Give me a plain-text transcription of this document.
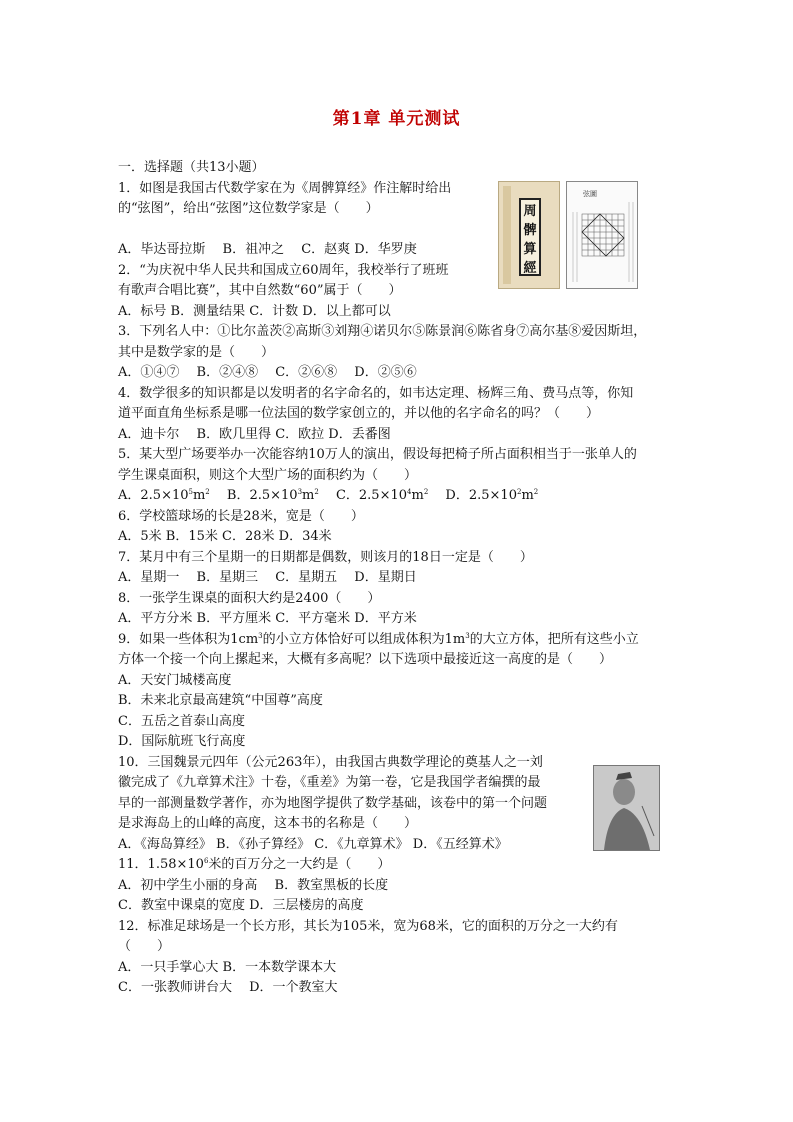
第1章 单元测试
一．选择题（共13小题）
1．如图是我国古代数学家在为《周髀算经》作注解时给出
的“弦图”，给出“弦图”这位数学家是（　　）
A．毕达哥拉斯　 B．祖冲之　 C．赵爽 D．华罗庚
2．“为庆祝中华人民共和国成立60周年，我校举行了班班
有歌声合唱比赛”，其中自然数“60”属于（　　）
A．标号 B．测量结果 C．计数 D．以上都可以
3．下列名人中：①比尔盖茨②高斯③刘翔④诺贝尔⑤陈景润⑥陈省身⑦高尔基⑧爱因斯坦，
其中是数学家的是（　　）
A．①④⑦　 B．②④⑧　 C．②⑥⑧　 D．②⑤⑥
4．数学很多的知识都是以发明者的名字命名的，如韦达定理、杨辉三角、费马点等，你知
道平面直角坐标系是哪一位法国的数学家创立的，并以他的名字命名的吗？（　　）
A．迪卡尔　 B．欧几里得 C．欧拉 D．丢番图
5．某大型广场要举办一次能容纳10万人的演出，假设每把椅子所占面积相当于一张单人的
学生课桌面积，则这个大型广场的面积约为（　　）
A．$2.5\times 10^5m^2$　 B．$2.5\times 10^3m^2$　 C．$2.5\times 10^4m^2$　 D．$2.5\times 10^2m^2$
6．学校篮球场的长是28米，宽是（　　）
A．5米 B．15米 C．28米 D．34米
7．某月中有三个星期一的日期都是偶数，则该月的18日一定是（　　）
A．星期一　 B．星期三　 C．星期五　 D．星期日
8．一张学生课桌的面积大约是2400（　　）
A．平方分米 B．平方厘米 C．平方毫米 D．平方米
9．如果一些体积为$1cm^3$的小立方体恰好可以组成体积为$1m^3$的大立方体，把所有这些小立
方体一个接一个向上摞起来，大概有多高呢？以下选项中最接近这一高度的是（　　）
A．天安门城楼高度
B．未来北京最高建筑“中国尊”高度
C．五岳之首泰山高度
D．国际航班飞行高度
10．三国魏景元四年（公元263年），由我国古典数学理论的奠基人之一刘
徽完成了《九章算术注》十卷，《重差》为第一卷，它是我国学者编撰的最
早的一部测量数学著作，亦为地图学提供了数学基础，该卷中的第一个问题
是求海岛上的山峰的高度，这本书的名称是（　　）
A．《海岛算经》 B．《孙子算经》 C．《九章算术》 D．《五经算术》
11．$1.58\times 10^6$米的百万分之一大约是（　　）
A．初中学生小丽的身高　 B．教室黑板的长度
C．教室中课桌的宽度 D．三层楼房的高度
12．标准足球场是一个长方形，其长为105米，宽为68米，它的面积的万分之一大约有
（　　）
A．一只手掌心大 B．一本数学课本大
C．一张教师讲台大　 D．一个教室大
周
髀
算
經
弦圖
